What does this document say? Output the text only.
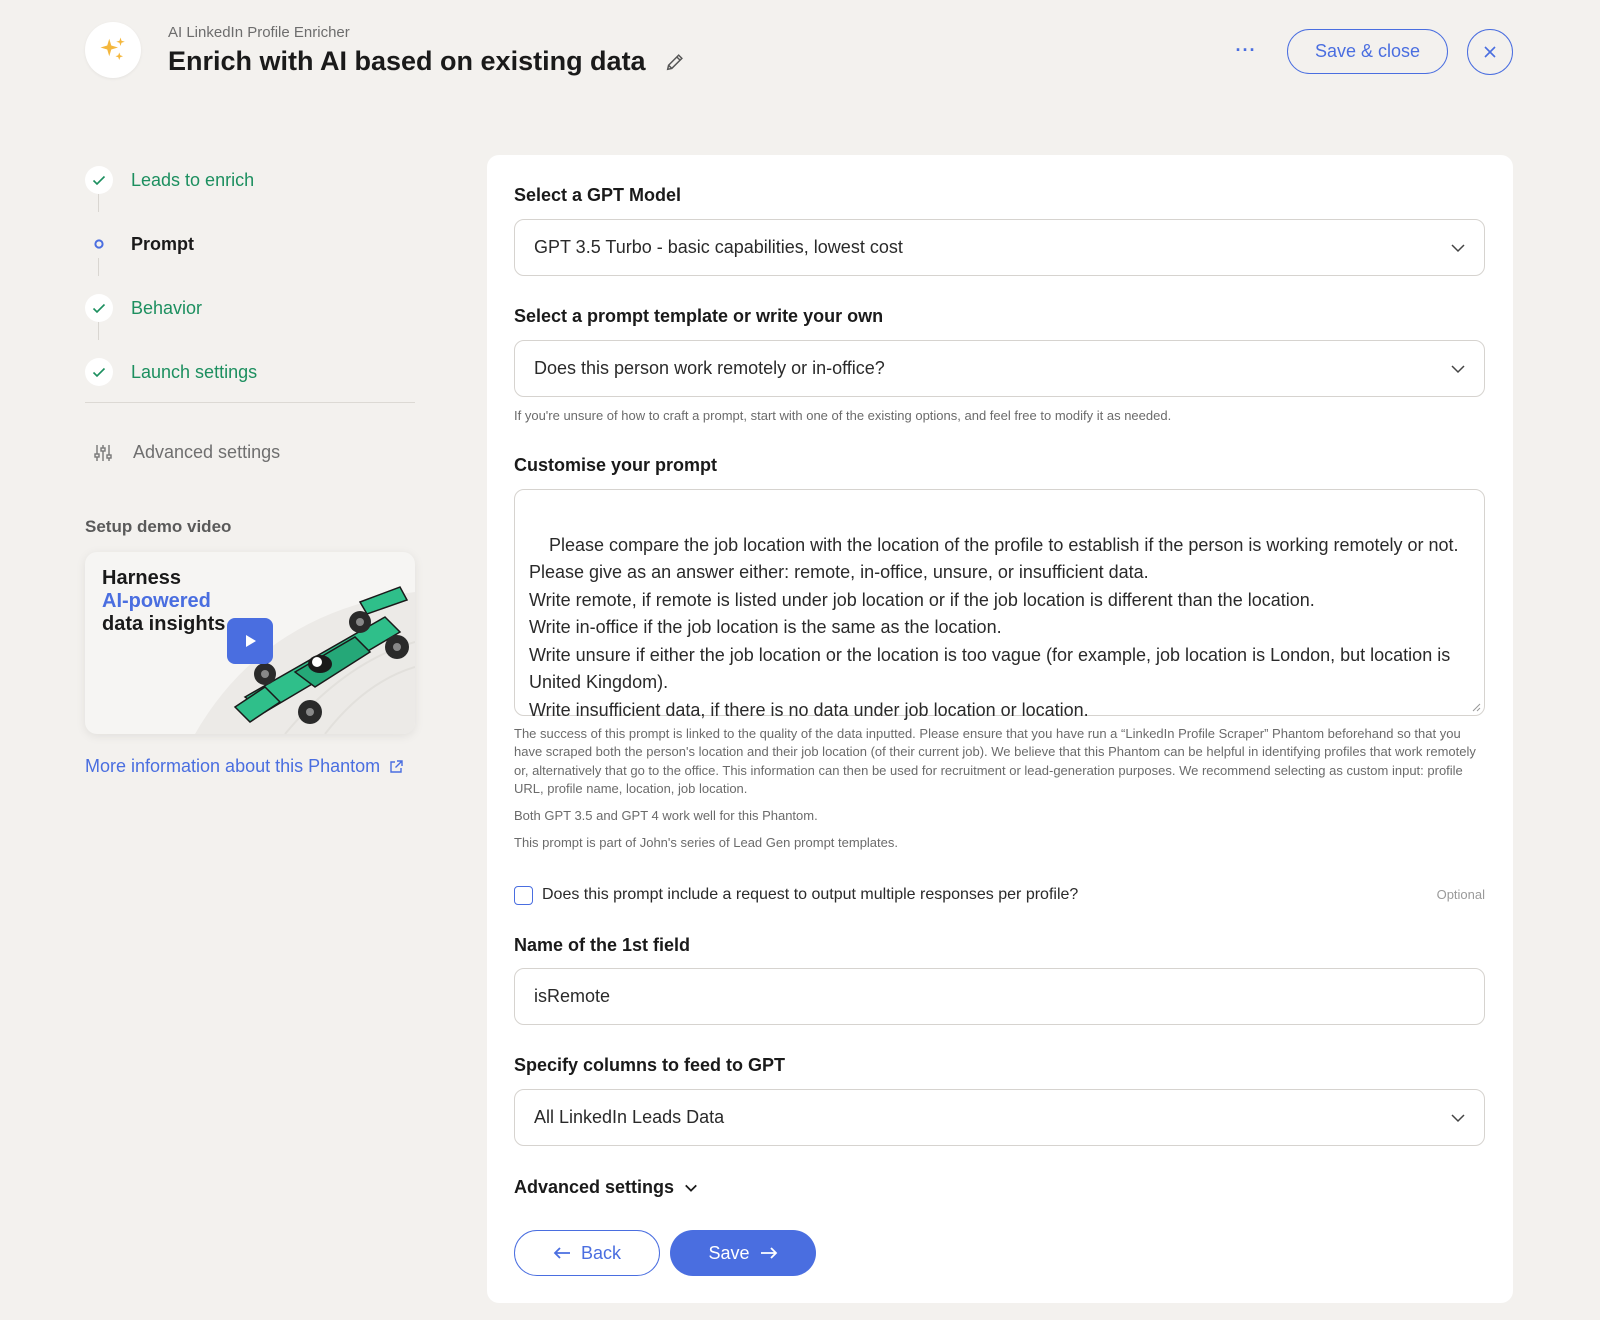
AI LinkedIn Profile Enricher
Enrich with AI based on existing data	···	Save & close
Leads to enrich
Prompt
Behavior
Launch settings
Advanced settings
Setup demo video
Harness
AI-powered
data insights
More information about this Phantom
Select a GPT Model
GPT 3.5 Turbo - basic capabilities, lowest cost
Select a prompt template or write your own
Does this person work remotely or in-office?
If you're unsure of how to craft a prompt, start with one of the existing options, and feel free to modify it as needed.
Customise your prompt

Please compare the job location with the location of the profile to establish if the person is working remotely or not.
Please give as an answer either: remote, in-office, unsure, or insufficient data.
Write remote, if remote is listed under job location or if the job location is different than the location.
Write in-office if the job location is the same as the location.
Write unsure if either the job location or the location is too vague (for example, job location is London, but location is United Kingdom).
Write insufficient data, if there is no data under job location or location.

The success of this prompt is linked to the quality of the data inputted. Please ensure that you have run a “LinkedIn Profile Scraper” Phantom beforehand so that you have scraped both the person's location and their job location (of their current job). We believe that this Phantom can be helpful in identifying profiles that work remotely or, alternatively that go to the office. This information can then be used for recruitment or lead-generation purposes. We recommend selecting as custom input: profile URL, profile name, location, job location.

Both GPT 3.5 and GPT 4 work well for this Phantom.

This prompt is part of John's series of Lead Gen prompt templates.

Does this prompt include a request to output multiple responses per profile?	Optional
Name of the 1st field
isRemote
Specify columns to feed to GPT
All LinkedIn Leads Data
Advanced settings
Back	Save
